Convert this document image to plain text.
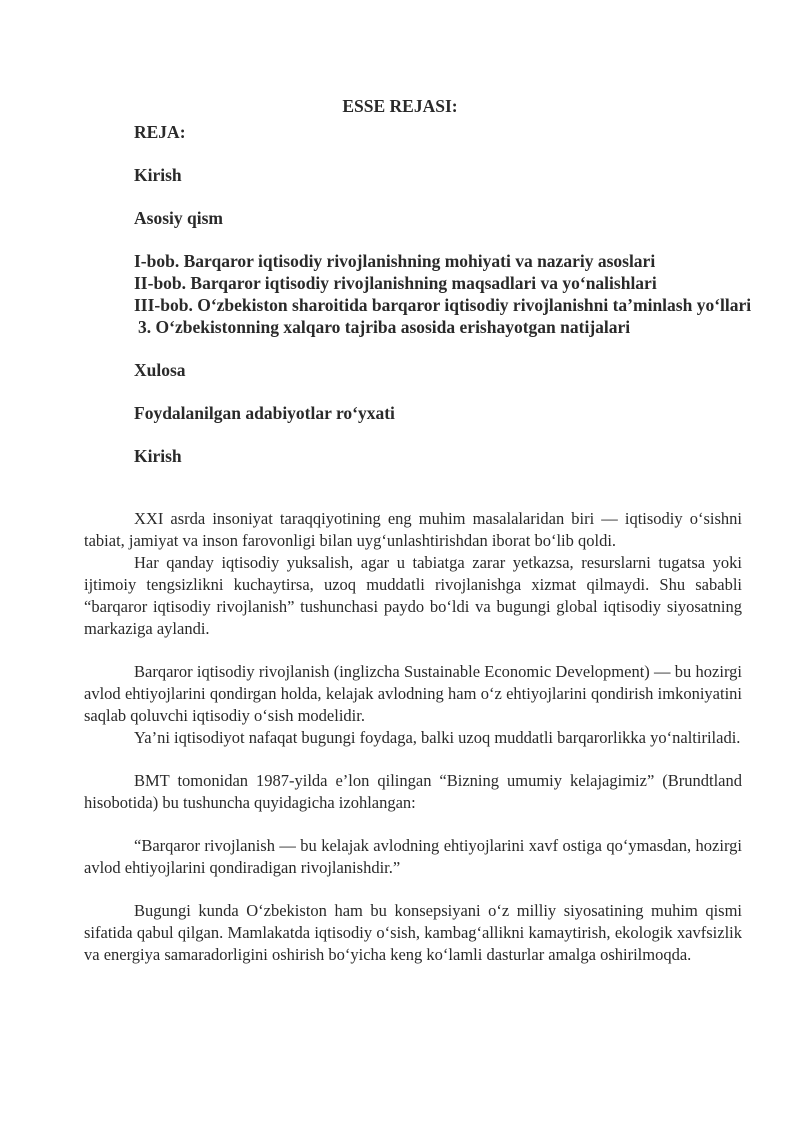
ESSE REJASI:

REJA:

Kirish

Asosiy qism

I-bob. Barqaror iqtisodiy rivojlanishning mohiyati va nazariy asoslari

II-bob. Barqaror iqtisodiy rivojlanishning maqsadlari va yo‘nalishlari

III-bob. O‘zbekiston sharoitida barqaror iqtisodiy rivojlanishni ta’minlash yo‘llari

3. O‘zbekistonning xalqaro tajriba asosida erishayotgan natijalari

Xulosa

Foydalanilgan adabiyotlar ro‘yxati

Kirish

XXI asrda insoniyat taraqqiyotining eng muhim masalalaridan biri — iqtisodiy o‘sishni tabiat, jamiyat va inson farovonligi bilan uyg‘unlashtirishdan iborat bo‘lib qoldi.

Har qanday iqtisodiy yuksalish, agar u tabiatga zarar yetkazsa, resurslarni tugatsa yoki ijtimoiy tengsizlikni kuchaytirsa, uzoq muddatli rivojlanishga xizmat qilmaydi. Shu sababli “barqaror iqtisodiy rivojlanish” tushunchasi paydo bo‘ldi va bugungi global iqtisodiy siyosatning markaziga aylandi.

Barqaror iqtisodiy rivojlanish (inglizcha Sustainable Economic Development) — bu hozirgi avlod ehtiyojlarini qondirgan holda, kelajak avlodning ham o‘z ehtiyojlarini qondirish imkoniyatini saqlab qoluvchi iqtisodiy o‘sish modelidir.

Ya’ni iqtisodiyot nafaqat bugungi foydaga, balki uzoq muddatli barqarorlikka yo‘naltiriladi.

BMT tomonidan 1987-yilda e’lon qilingan “Bizning umumiy kelajagimiz” (Brundtland hisobotida) bu tushuncha quyidagicha izohlangan:

“Barqaror rivojlanish — bu kelajak avlodning ehtiyojlarini xavf ostiga qo‘ymasdan, hozirgi avlod ehtiyojlarini qondiradigan rivojlanishdir.”

Bugungi kunda O‘zbekiston ham bu konsepsiyani o‘z milliy siyosatining muhim qismi sifatida qabul qilgan. Mamlakatda iqtisodiy o‘sish, kambag‘allikni kamaytirish, ekologik xavfsizlik va energiya samaradorligini oshirish bo‘yicha keng ko‘lamli dasturlar amalga oshirilmoqda.
